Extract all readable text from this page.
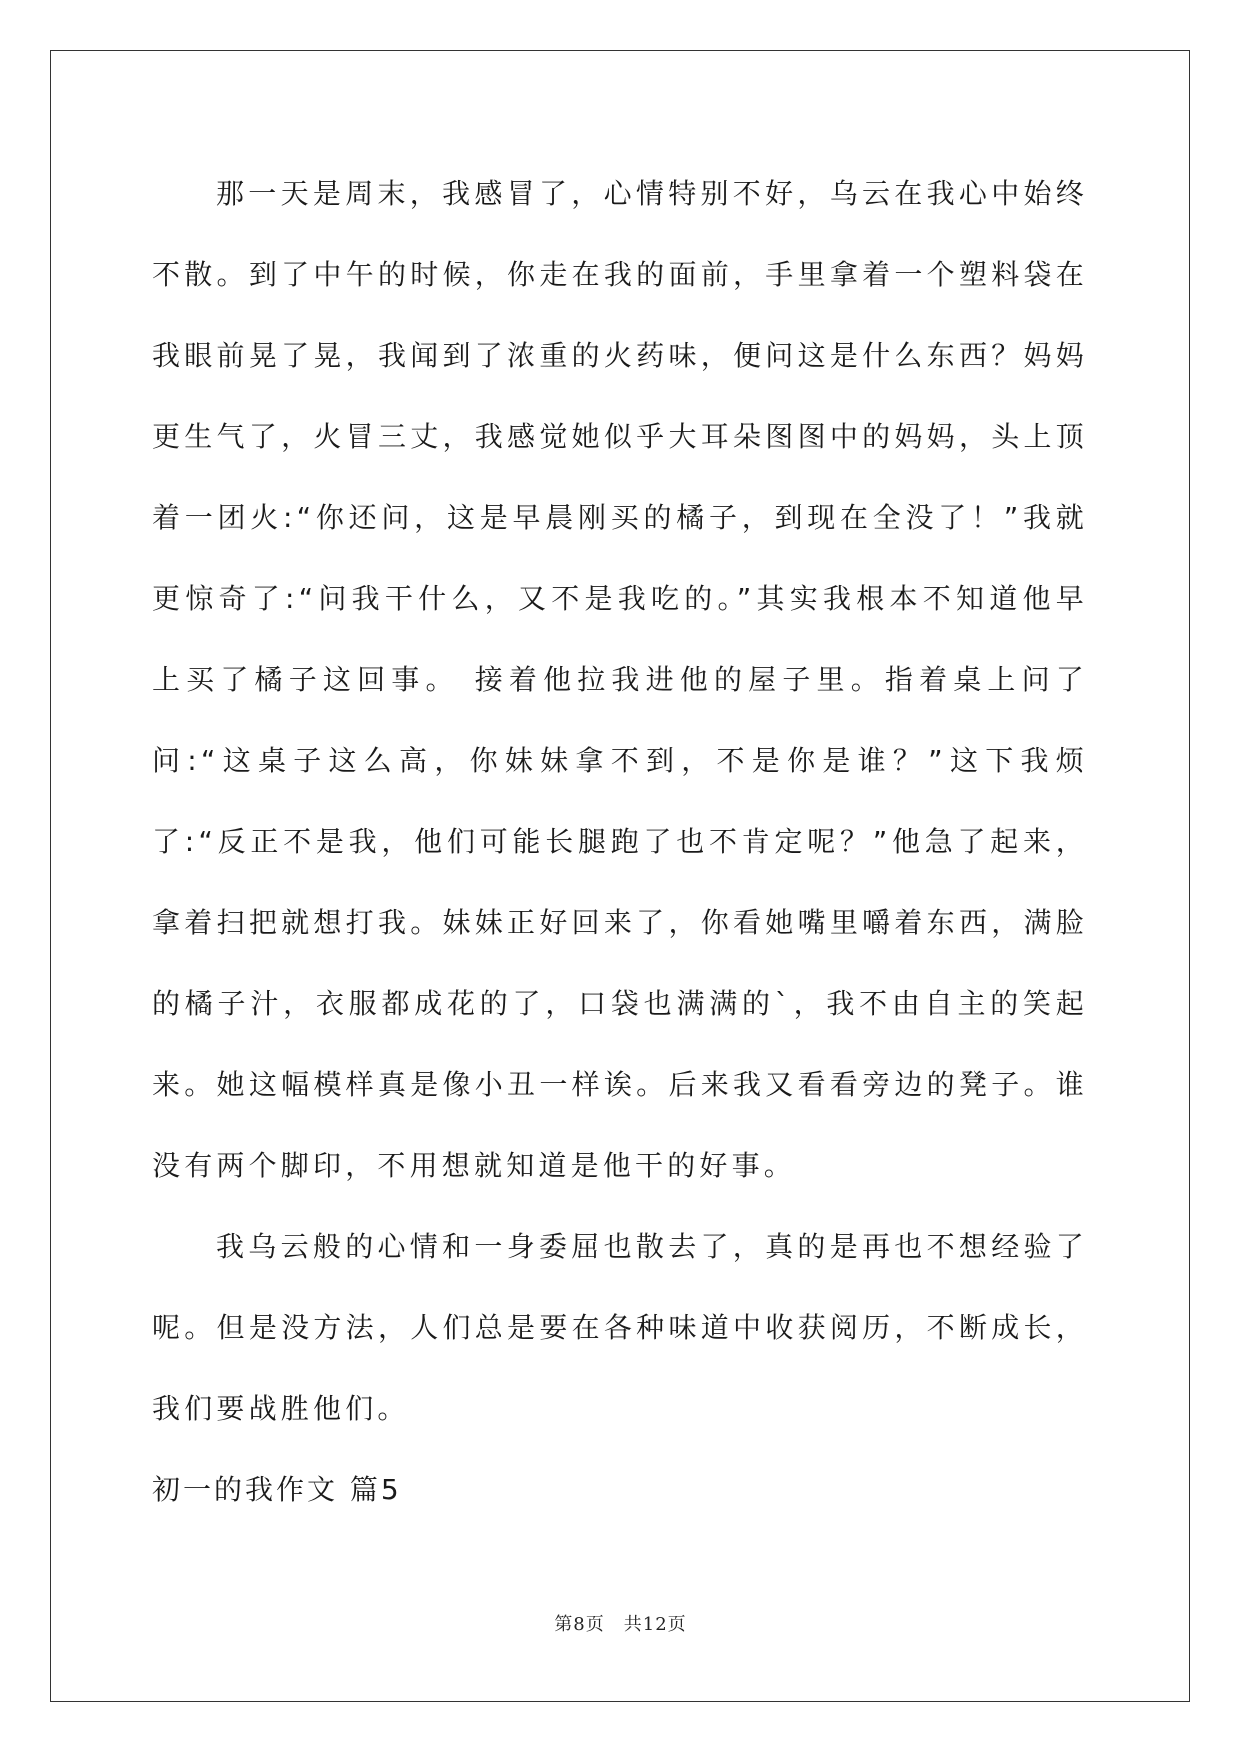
那一天是周末，我感冒了，心情特别不好，乌云在我心中始终不散。到了中午的时候，你走在我的面前，手里拿着一个塑料袋在我眼前晃了晃，我闻到了浓重的火药味，便问这是什么东西？妈妈更生气了，火冒三丈，我感觉她似乎大耳朵图图中的妈妈，头上顶着一团火:“你还问，这是早晨刚买的橘子，到现在全没了！”我就更惊奇了:“问我干什么，又不是我吃的。”其实我根本不知道他早上买了橘子这回事。 接着他拉我进他的屋子里。指着桌上问了问:“这桌子这么高，你妹妹拿不到，不是你是谁？”这下我烦了:“反正不是我，他们可能长腿跑了也不肯定呢？”他急了起来，拿着扫把就想打我。妹妹正好回来了，你看她嘴里嚼着东西，满脸的橘子汁，衣服都成花的了，口袋也满满的`，我不由自主的笑起来。她这幅模样真是像小丑一样诶。后来我又看看旁边的凳子。谁没有两个脚印，不用想就知道是他干的好事。

我乌云般的心情和一身委屈也散去了，真的是再也不想经验了呢。但是没方法，人们总是要在各种味道中收获阅历，不断成长，我们要战胜他们。

初一的我作文 篇5

第8页　共12页
